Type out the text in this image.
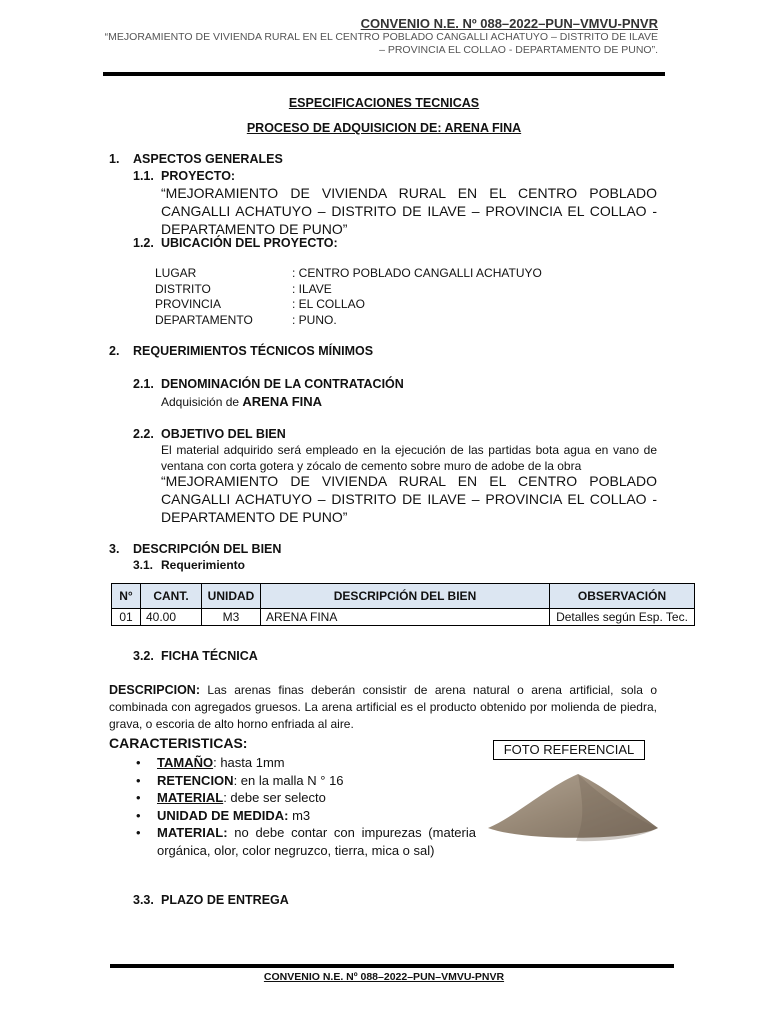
CONVENIO N.E. Nº 088–2022–PUN–VMVU-PNVR
“MEJORAMIENTO DE VIVIENDA RURAL EN EL CENTRO POBLADO CANGALLI ACHATUYO – DISTRITO DE ILAVE – PROVINCIA EL COLLAO - DEPARTAMENTO DE PUNO”.
ESPECIFICACIONES TECNICAS
PROCESO DE ADQUISICION DE: ARENA FINA
1. ASPECTOS GENERALES
1.1. PROYECTO:
“MEJORAMIENTO DE VIVIENDA RURAL EN EL CENTRO POBLADO CANGALLI ACHATUYO – DISTRITO DE ILAVE – PROVINCIA EL COLLAO - DEPARTAMENTO DE PUNO”
1.2. UBICACIÓN DEL PROYECTO:
LUGAR	: CENTRO POBLADO CANGALLI ACHATUYO
DISTRITO	: ILAVE
PROVINCIA	: EL COLLAO
DEPARTAMENTO	: PUNO.
2. REQUERIMIENTOS TÉCNICOS MÍNIMOS
2.1. DENOMINACIÓN DE LA CONTRATACIÓN
Adquisición de ARENA FINA
2.2. OBJETIVO DEL BIEN
El material adquirido será empleado en la ejecución de las partidas bota agua en vano de ventana con corta gotera y zócalo de cemento sobre muro de adobe de la obra
“MEJORAMIENTO DE VIVIENDA RURAL EN EL CENTRO POBLADO CANGALLI ACHATUYO – DISTRITO DE ILAVE – PROVINCIA EL COLLAO - DEPARTAMENTO DE PUNO”
3. DESCRIPCIÓN DEL BIEN
3.1. Requerimiento
N°	CANT.	UNIDAD	DESCRIPCIÓN DEL BIEN	OBSERVACIÓN
01	40.00	M3	ARENA FINA	Detalles según Esp. Tec.
3.2. FICHA TÉCNICA
DESCRIPCION: Las arenas finas deberán consistir de arena natural o arena artificial, sola o combinada con agregados gruesos. La arena artificial es el producto obtenido por molienda de piedra, grava, o escoria de alto horno enfriada al aire.
CARACTERISTICAS:
• TAMAÑO: hasta 1mm
• RETENCION: en la malla N ° 16
• MATERIAL: debe ser selecto
• UNIDAD DE MEDIDA: m3
• MATERIAL: no debe contar con impurezas (materia orgánica, olor, color negruzco, tierra, mica o sal)
FOTO REFERENCIAL
3.3. PLAZO DE ENTREGA
CONVENIO N.E. Nº 088–2022–PUN–VMVU-PNVR
